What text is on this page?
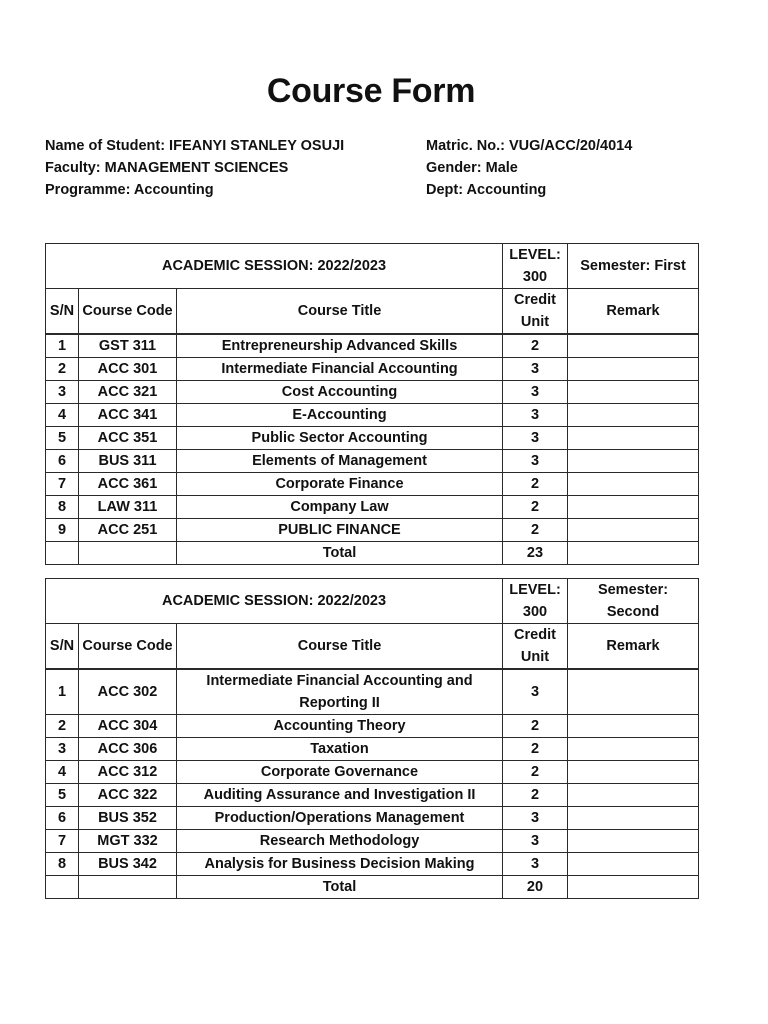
Course Form
Name of Student: IFEANYI STANLEY OSUJI
Faculty: MANAGEMENT SCIENCES
Programme: Accounting
Matric. No.: VUG/ACC/20/4014
Gender: Male
Dept: Accounting
ACADEMIC SESSION: 2022/2023			LEVEL: 300	Semester: First
S/N	Course Code	Course Title	Credit Unit	Remark
1	GST 311	Entrepreneurship Advanced Skills	2	
2	ACC 301	Intermediate Financial Accounting	3	
3	ACC 321	Cost Accounting	3	
4	ACC 341	E-Accounting	3	
5	ACC 351	Public Sector Accounting	3	
6	BUS 311	Elements of Management	3	
7	ACC 361	Corporate Finance	2	
8	LAW 311	Company Law	2	
9	ACC 251	PUBLIC FINANCE	2	
		Total	23	
ACADEMIC SESSION: 2022/2023			LEVEL: 300	Semester: Second
S/N	Course Code	Course Title	Credit Unit	Remark
1	ACC 302	Intermediate Financial Accounting and Reporting II	3	
2	ACC 304	Accounting Theory	2	
3	ACC 306	Taxation	2	
4	ACC 312	Corporate Governance	2	
5	ACC 322	Auditing Assurance and Investigation II	2	
6	BUS 352	Production/Operations Management	3	
7	MGT 332	Research Methodology	3	
8	BUS 342	Analysis for Business Decision Making	3	
		Total	20	
